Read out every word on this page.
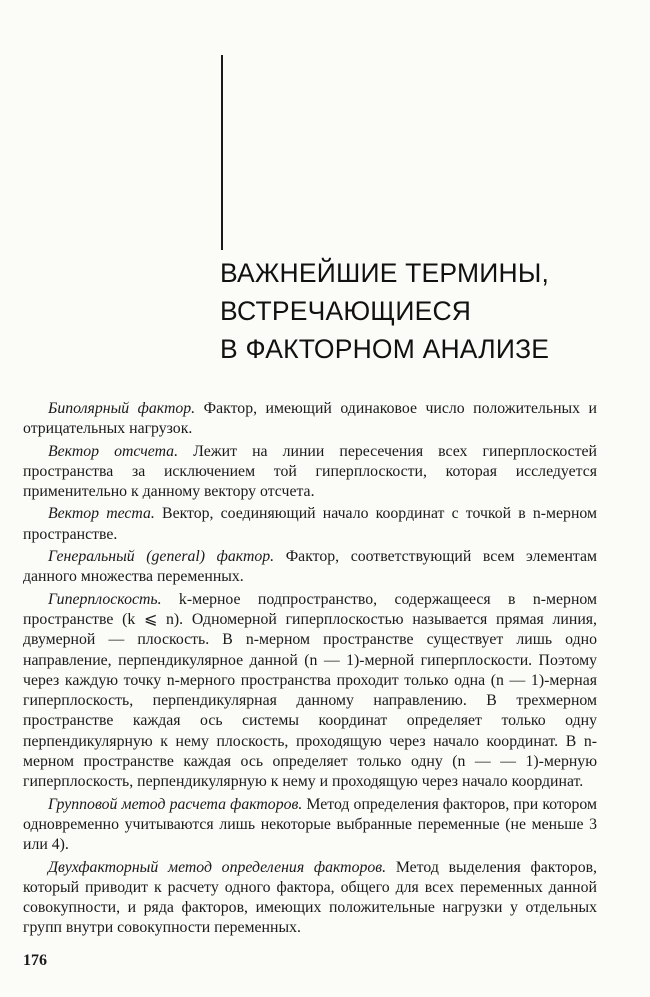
ВАЖНЕЙШИЕ ТЕРМИНЫ,
ВСТРЕЧАЮЩИЕСЯ
В ФАКТОРНОМ АНАЛИЗЕ

Биполярный фактор. Фактор, имеющий одинаковое число положительных и отрицательных нагрузок.

Вектор отсчета. Лежит на линии пересечения всех гиперплоскостей пространства за исключением той гиперплоскости, которая исследуется применительно к данному вектору отсчета.

Вектор теста. Вектор, соединяющий начало координат с точкой в n-мерном пространстве.

Генеральный (general) фактор. Фактор, соответствующий всем элементам данного множества переменных.

Гиперплоскость. k-мерное подпространство, содержащееся в n-мерном пространстве (k ⩽ n). Одномерной гиперплоскостью называется прямая линия, двумерной — плоскость. В n-мерном пространстве существует лишь одно направление, перпендикулярное данной (n — 1)-мерной гиперплоскости. Поэтому через каждую точку n-мерного пространства проходит только одна (n — 1)-мерная гиперплоскость, перпендикулярная данному направлению. В трехмерном пространстве каждая ось системы координат определяет только одну перпендикулярную к нему плоскость, проходящую через начало координат. В n-мерном пространстве каждая ось определяет только одну (n — — 1)-мерную гиперплоскость, перпендикулярную к нему и проходящую через начало координат.

Групповой метод расчета факторов. Метод определения факторов, при котором одновременно учитываются лишь некоторые выбранные переменные (не меньше 3 или 4).

Двухфакторный метод определения факторов. Метод выделения факторов, который приводит к расчету одного фактора, общего для всех переменных данной совокупности, и ряда факторов, имеющих положительные нагрузки у отдельных групп внутри совокупности переменных.

176
